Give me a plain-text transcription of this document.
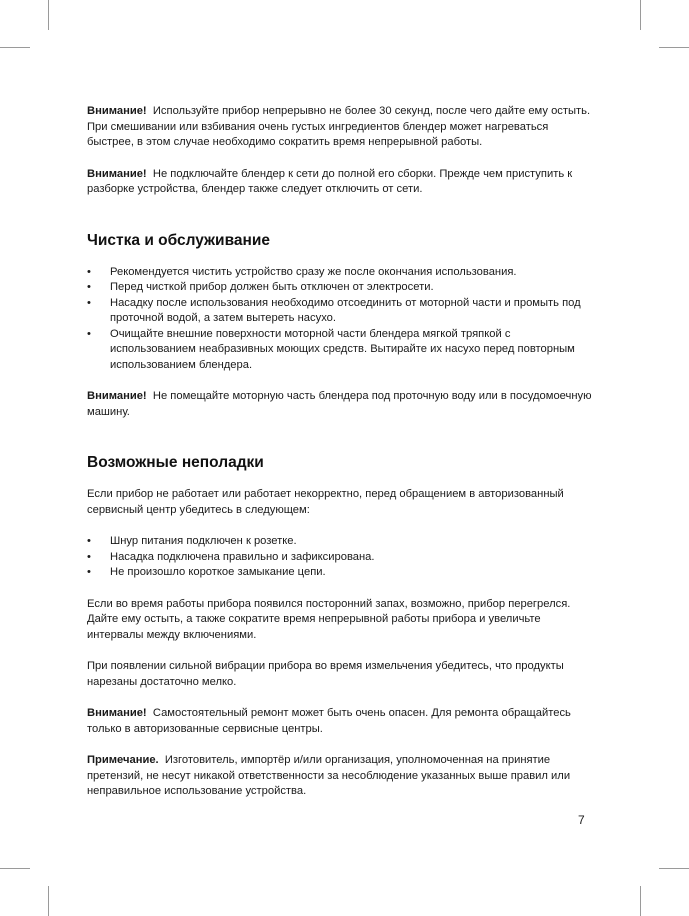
Внимание! Используйте прибор непрерывно не более 30 секунд, после чего дайте ему остыть. При смешивании или взбивания очень густых ингредиентов блендер может нагреваться быстрее, в этом случае необходимо сократить время непрерывной работы.

Внимание! Не подключайте блендер к сети до полной его сборки. Прежде чем приступить к разборке устройства, блендер также следует отключить от сети.

Чистка и обслуживание
• Рекомендуется чистить устройство сразу же после окончания использования.
• Перед чисткой прибор должен быть отключен от электросети.
• Насадку после использования необходимо отсоединить от моторной части и промыть под проточной водой, а затем вытереть насухо.
• Очищайте внешние поверхности моторной части блендера мягкой тряпкой с использованием неабразивных моющих средств. Вытирайте их насухо перед повторным использованием блендера.

Внимание! Не помещайте моторную часть блендера под проточную воду или в посудомоечную машину.

Возможные неполадки

Если прибор не работает или работает некорректно, перед обращением в авторизованный сервисный центр убедитесь в следующем:

• Шнур питания подключен к розетке.
• Насадка подключена правильно и зафиксирована.
• Не произошло короткое замыкание цепи.

Если во время работы прибора появился посторонний запах, возможно, прибор перегрелся. Дайте ему остыть, а также сократите время непрерывной работы прибора и увеличьте интервалы между включениями.

При появлении сильной вибрации прибора во время измельчения убедитесь, что продукты нарезаны достаточно мелко.

Внимание! Самостоятельный ремонт может быть очень опасен. Для ремонта обращайтесь только в авторизованные сервисные центры.

Примечание. Изготовитель, импортёр и/или организация, уполномоченная на принятие претензий, не несут никакой ответственности за несоблюдение указанных выше правил или неправильное использование устройства.

7
